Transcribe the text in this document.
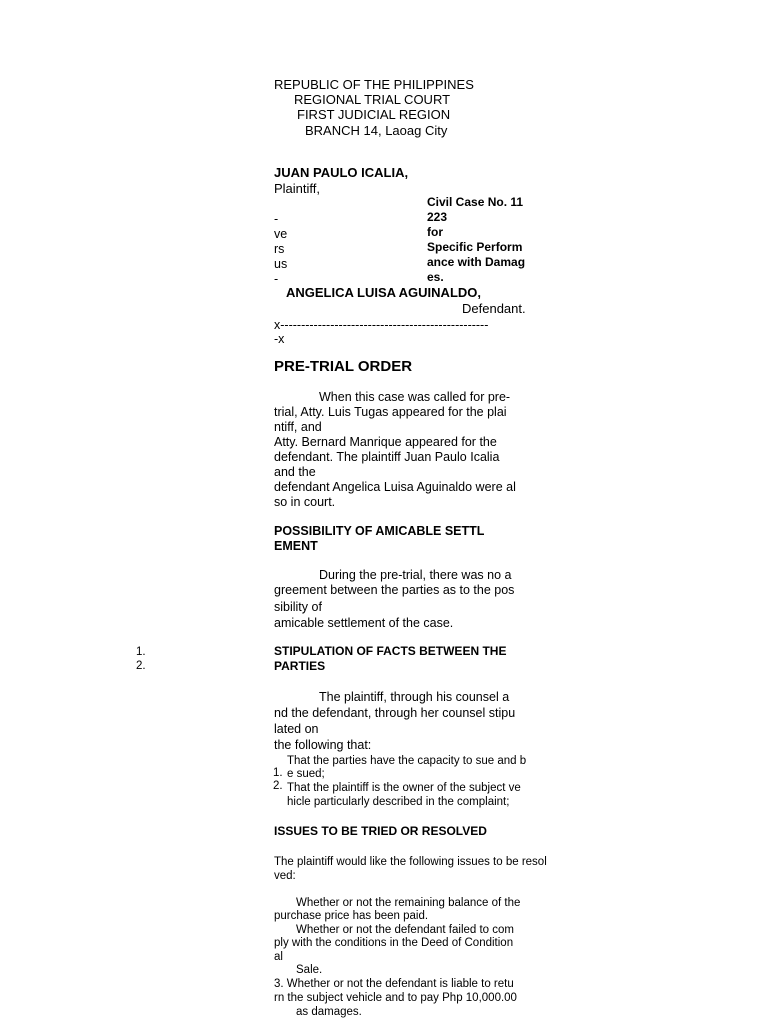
REPUBLIC OF THE PHILIPPINES
REGIONAL TRIAL COURT
FIRST JUDICIAL REGION
BRANCH 14, Laoag City
JUAN PAULO ICALIA,
Plaintiff,
-
ve
rs
us
-
Civil Case No. 11
223
for
Specific Perform
ance with Damag
es.
ANGELICA LUISA AGUINALDO,
Defendant.
x--------------------------------------------------
-x
PRE-TRIAL ORDER
When this case was called for pre-
trial, Atty. Luis Tugas appeared for the plai
ntiff, and
Atty. Bernard Manrique appeared for the
defendant. The plaintiff Juan Paulo Icalia
and the
defendant Angelica Luisa Aguinaldo were al
so in court.
POSSIBILITY OF AMICABLE SETTL
EMENT
During the pre-trial, there was no a
greement between the parties as to the pos
sibility of
amicable settlement of the case.
1.
2.
STIPULATION OF FACTS BETWEEN THE
PARTIES
The plaintiff, through his counsel a
nd the defendant, through her counsel stipu
lated on
the following that:
1.
2.
That the parties have the capacity to sue and b
e sued;
That the plaintiff is the owner of the subject ve
hicle particularly described in the complaint;
ISSUES TO BE TRIED OR RESOLVED
The plaintiff would like the following issues to be resol
ved:
Whether or not the remaining balance of the
purchase price has been paid.
Whether or not the defendant failed to com
ply with the conditions in the Deed of Condition
al
Sale.
3. Whether or not the defendant is liable to retu
rn the subject vehicle and to pay Php 10,000.00
as damages.
